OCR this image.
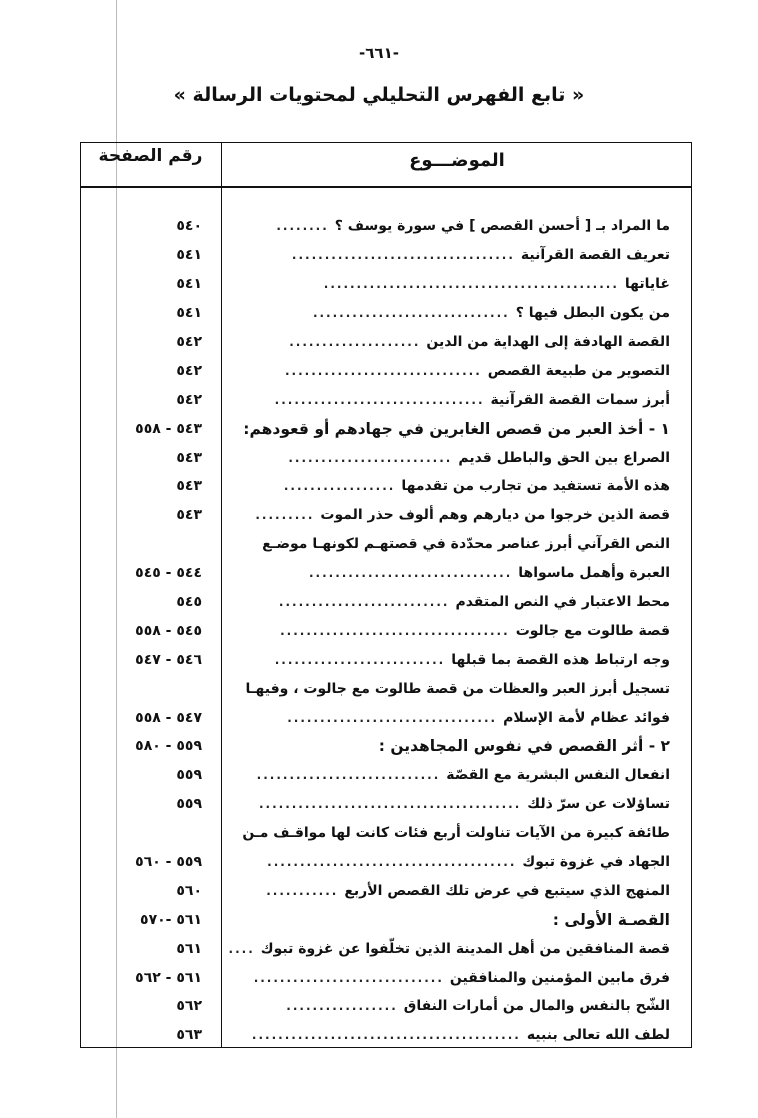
-٦٦١-
« تابع الفهرس التحليلي لمحتويات الرسالة »
الموضـــوع
رقم الصفحة
ما المراد بـ [ أحسن القصص ] في سورة يوسف ؟
........
٥٤٠
تعريف القصة القرآنية
..................................
٥٤١
غاياتها
.............................................
٥٤١
من يكون البطل فيها ؟
..............................
٥٤١
القصة الهادفة إلى الهداية من الدين
....................
٥٤٢
التصوير من طبيعة القصص
..............................
٥٤٢
أبرز سمات القصة القرآنية
................................
٥٤٢
١ - أخذ العبر من قصص الغابرين في جهادهم أو قعودهم:
٥٤٣ - ٥٥٨
الصراع بين الحق والباطل قديم
.........................
٥٤٣
هذه الأمة تستفيد من تجارب من تقدمها
.................
٥٤٣
قصة الذين خرجوا من ديارهم وهم ألوف حذر الموت
.........
٥٤٣
النص القرآني أبرز عناصر محدّدة في قصتهـم لكونهـا موضـع
العبرة وأهمل ماسواها
...............................
٥٤٤ - ٥٤٥
محط الاعتبار في النص المتقدم
..........................
٥٤٥
قصة طالوت مع جالوت
...................................
٥٤٥ - ٥٥٨
وجه ارتباط هذه القصة بما قبلها
..........................
٥٤٦ - ٥٤٧
تسجيل أبرز العبر والعظات من قصة طالوت مع جالوت ، وفيهـا
فوائد عظام لأمة الإسلام
................................
٥٤٧ - ٥٥٨
٢ - أثر القصص في نفوس المجاهدين :
٥٥٩ - ٥٨٠
انفعال النفس البشرية مع القصّة
............................
٥٥٩
تساؤلات عن سرّ ذلك
........................................
٥٥٩
طائفة كبيرة من الآيات تناولت أربع فئات كانت لها مواقـف مـن
الجهاد في غزوة تبوك
......................................
٥٥٩ - ٥٦٠
المنهج الذي سيتبع في عرض تلك القصص الأربع
...........
٥٦٠
القصـة الأولى :
٥٦١ -٥٧٠
قصة المنافقين من أهل المدينة الذين تخلّفوا عن غزوة تبوك
....
٥٦١
فرق مابين المؤمنين والمنافقين
.............................
٥٦١ - ٥٦٢
الشّح بالنفس والمال من أمارات النفاق
.................
٥٦٢
لطف الله تعالى بنبيه
.........................................
٥٦٣
